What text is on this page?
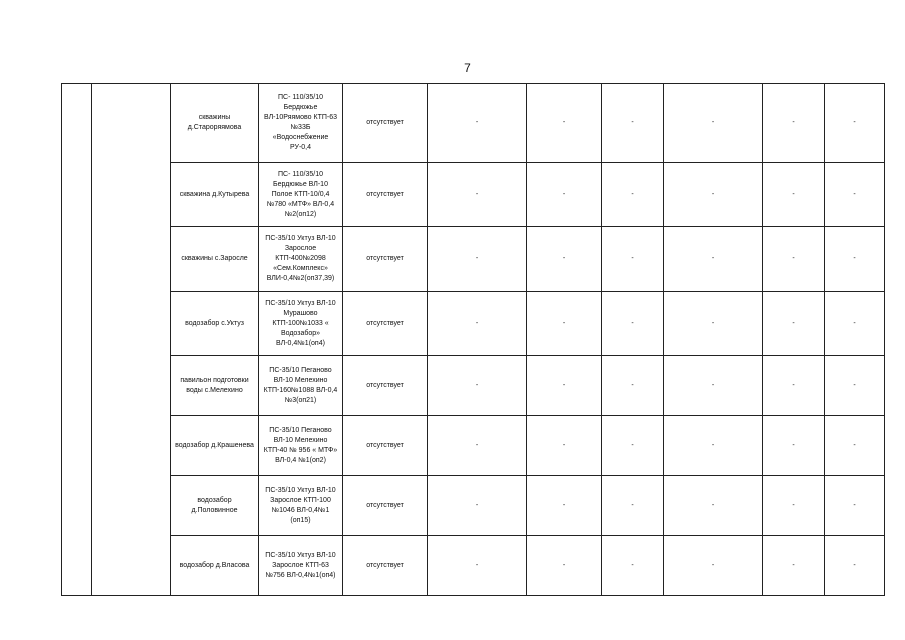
7
		скважины д.Староряямова	ПС- 110/35/10 Бердюжье ВЛ-10Ряямово КТП-63 №33Б «Водоснебжение РУ-0,4	отсутствует	-	-	-	-	-	-
		скважина д.Кутырева	ПС- 110/35/10 Бердюжье ВЛ-10 Полое КТП-10/0,4 №780 «МТФ» ВЛ-0,4 №2(оп12)	отсутствует	-	-	-	-	-	-
		скважины с.Заросле	ПС-35/10 Уктуз ВЛ-10 Зарослое КТП-400№2098 «Сем.Комплекс» ВЛИ-0,4№2(оп37,39)	отсутствует	-	-	-	-	-	-
		водозабор с.Уктуз	ПС-35/10 Уктуз ВЛ-10 Мурашово КТП-100№1033 « Водозабор» ВЛ-0,4№1(оп4)	отсутствует	-	-	-	-	-	-
		павильон подготовки воды с.Мелехино	ПС-35/10 Пеганово ВЛ-10 Мелехино КТП-160№1088 ВЛ-0,4 №3(оп21)	отсутствует	-	-	-	-	-	-
		водозабор д.Крашенева	ПС-35/10 Пеганово ВЛ-10 Мелехино КТП-40 № 956 « МТФ» ВЛ-0,4 №1(оп2)	отсутствует	-	-	-	-	-	-
		водозабор д.Половинное	ПС-35/10 Уктуз ВЛ-10 Зарослое КТП-100 №1046 ВЛ-0,4№1 (оп15)	отсутствует	-	-	-	-	-	-
		водозабор д.Власова	ПС-35/10 Уктуз ВЛ-10 Зарослое КТП-63 №756 ВЛ-0,4№1(оп4)	отсутствует	-	-	-	-	-	-
